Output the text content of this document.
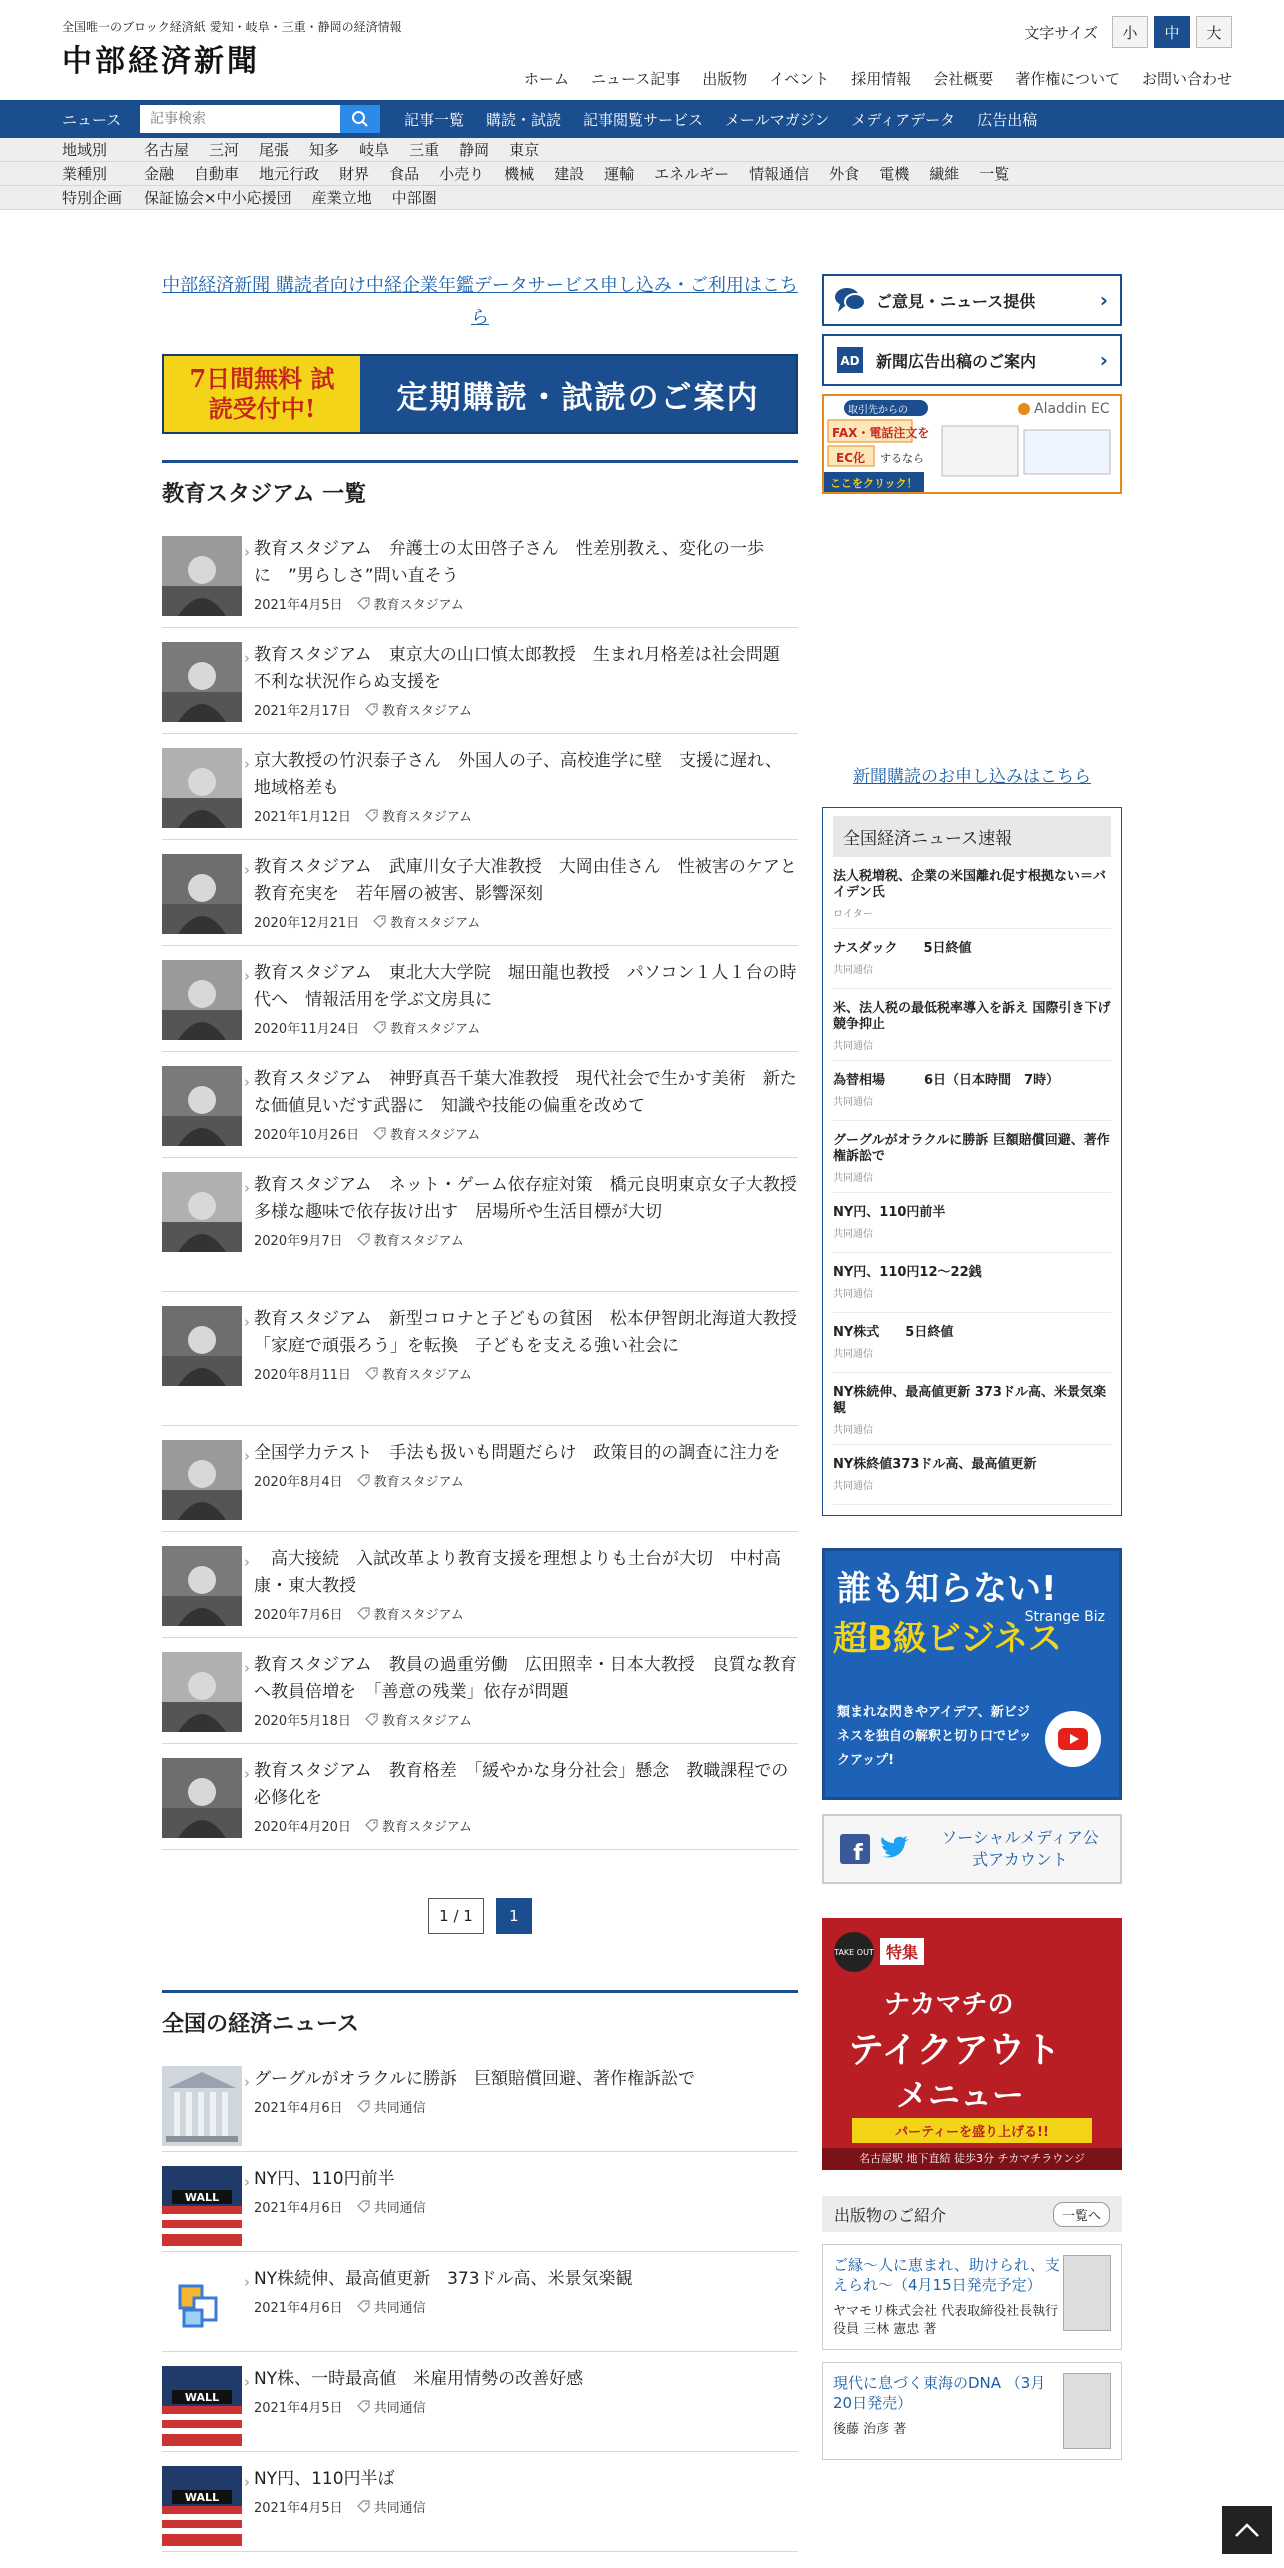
全国唯一のブロック経済紙 愛知・岐阜・三重・静岡の経済情報
中部経済新聞
文字サイズ	小	中	大
ホーム ニュース記事 出版物 イベント 採用情報 会社概要 著作権について お問い合わせ
ニュース
記事検索	記事一覧 購読・試読 記事閲覧サービス メールマガジン メディアデータ 広告出稿
地域別	名古屋 三河 尾張 知多 岐阜 三重 静岡 東京
業種別	金融 自動車 地元行政 財界 食品 小売り 機械 建設 運輸 エネルギー 情報通信 外食 電機 繊維 一覧
特別企画	保証協会×中小応援団 産業立地 中部圏
中部経済新聞 購読者向け中経企業年鑑データサービス申し込み・ご利用はこちら
7日間無料 試読受付中!	定期購読・試読のご案内
教育スタジアム 一覧
› 教育スタジアム　弁護士の太田啓子さん　性差別教え、変化の一歩に　”男らしさ”問い直そう
2021年4月5日 教育スタジアム
› 教育スタジアム　東京大の山口慎太郎教授　生まれ月格差は社会問題　不利な状況作らぬ支援を
2021年2月17日 教育スタジアム
› 京大教授の竹沢泰子さん　外国人の子、高校進学に壁　支援に遅れ、地域格差も
2021年1月12日 教育スタジアム
› 教育スタジアム　武庫川女子大准教授　大岡由佳さん　性被害のケアと教育充実を　若年層の被害、影響深刻
2020年12月21日 教育スタジアム
› 教育スタジアム　東北大大学院　堀田龍也教授　パソコン１人１台の時代へ　情報活用を学ぶ文房具に
2020年11月24日 教育スタジアム
› 教育スタジアム　神野真吾千葉大准教授　現代社会で生かす美術　新たな価値見いだす武器に　知識や技能の偏重を改めて
2020年10月26日 教育スタジアム
› 教育スタジアム　ネット・ゲーム依存症対策　橋元良明東京女子大教授　多様な趣味で依存抜け出す　居場所や生活目標が大切
2020年9月7日 教育スタジアム
› 教育スタジアム　新型コロナと子どもの貧困　松本伊智朗北海道大教授　「家庭で頑張ろう」を転換　子どもを支える強い社会に
2020年8月11日 教育スタジアム
› 全国学力テスト　手法も扱いも問題だらけ　政策目的の調査に注力を
2020年8月4日 教育スタジアム
› 　高大接続　入試改革より教育支援を理想よりも土台が大切　中村高康・東大教授
2020年7月6日 教育スタジアム
› 教育スタジアム　教員の過重労働　広田照幸・日本大教授　良質な教育へ教員倍増を　「善意の残業」依存が問題
2020年5月18日 教育スタジアム
› 教育スタジアム　教育格差　「緩やかな身分社会」懸念　教職課程での必修化を
2020年4月20日 教育スタジアム
1 / 1	1
全国の経済ニュース
› グーグルがオラクルに勝訴　巨額賠償回避、著作権訴訟で
2021年4月6日 共同通信
WALL
› NY円、110円前半
2021年4月6日 共同通信
› NY株続伸、最高値更新　373ドル高、米景気楽観
2021年4月6日 共同通信
WALL
› NY株、一時最高値　米雇用情勢の改善好感
2021年4月5日 共同通信
WALL
› NY円、110円半ば
2021年4月5日 共同通信
ご意見・ニュース提供	›
AD 新聞広告出稿のご案内	›
取引先からの
FAX・電話注文を
EC化 するなら
ここをクリック！
Aladdin EC
新聞購読のお申し込みはこちら
全国経済ニュース速報
法人税増税、企業の米国離れ促す根拠ない＝バイデン氏
ロイター
ナスダック　　5日終値
共同通信
米、法人税の最低税率導入を訴え 国際引き下げ競争抑止
共同通信
為替相場　　　6日（日本時間　7時）
共同通信
グーグルがオラクルに勝訴 巨額賠償回避、著作権訴訟で
共同通信
NY円、110円前半
共同通信
NY円、110円12～22銭
共同通信
NY株式　　5日終値
共同通信
NY株続伸、最高値更新 373ドル高、米景気楽観
共同通信
NY株終値373ドル高、最高値更新
共同通信
誰も知らない!
超B級ビジネス
Strange Biz
類まれな閃きやアイデア、新ビジネスを独自の解釈と切り口でピックアップ!
f
ソーシャルメディア公式アカウント
TAKE OUT 特集
ナカマチの
テイクアウト
メニュー
パーティーを盛り上げる!!
名古屋駅 地下直結 徒歩3分 チカマチラウンジ
出版物のご紹介	一覧へ
ご縁～人に恵まれ、助けられ、支えられ～（4月15日発売予定）
ヤマモリ株式会社 代表取締役社長執行役員 三林 憲忠 著
現代に息づく東海のDNA （3月20日発売）
後藤 治彦 著
